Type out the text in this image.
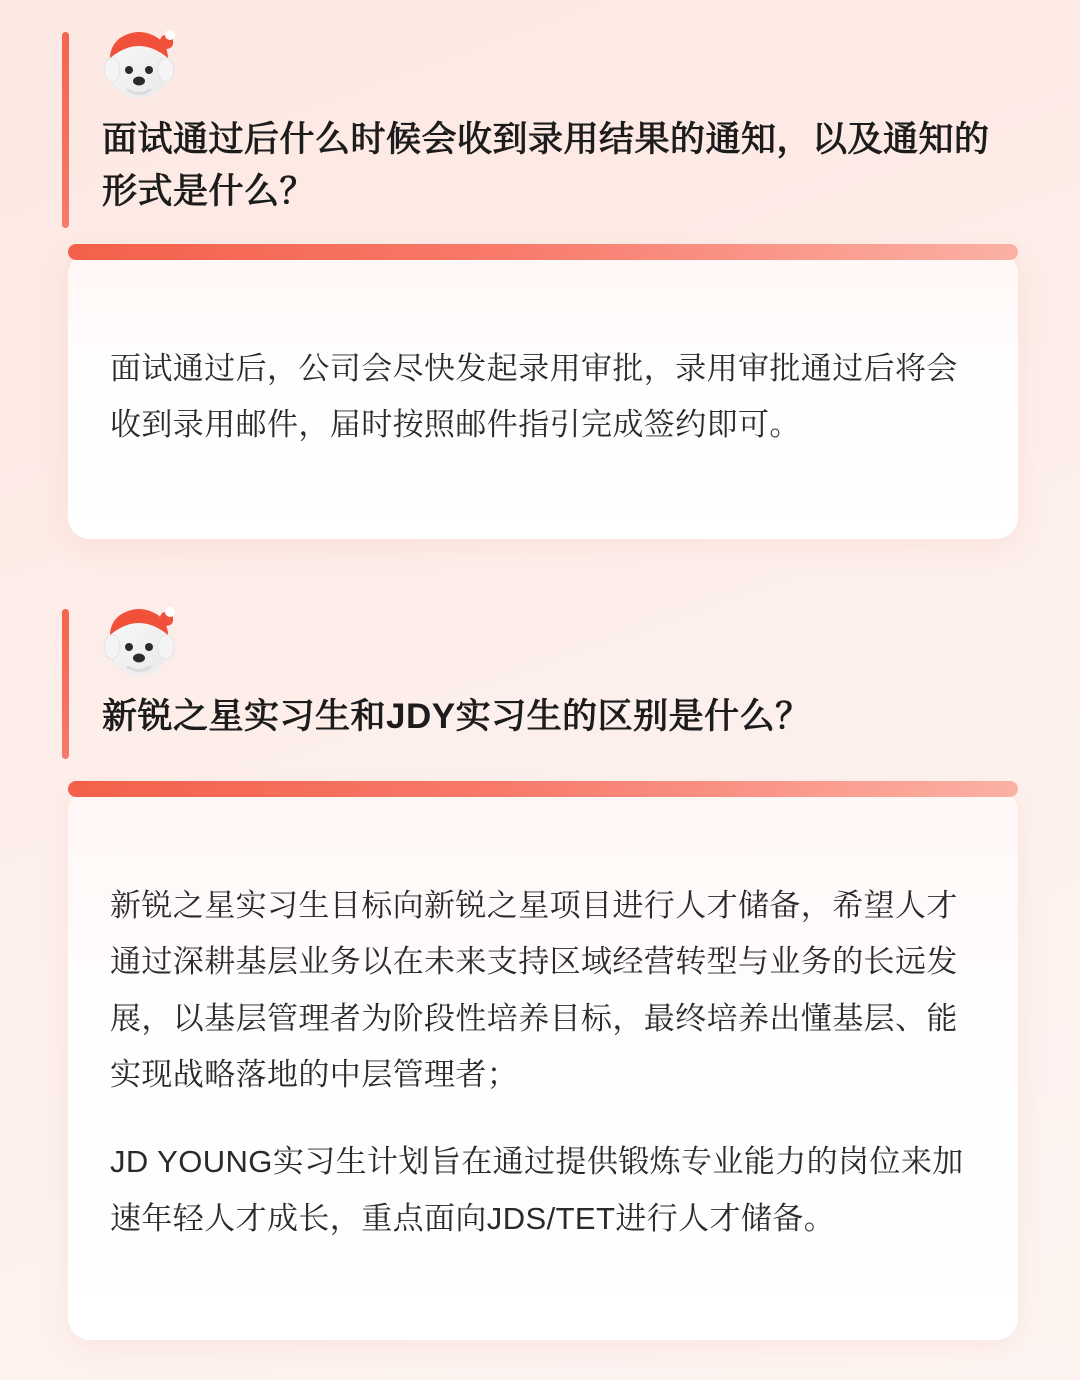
面试通过后什么时候会收到录用结果的通知，以及通知的形式是什么？

面试通过后，公司会尽快发起录用审批，录用审批通过后将会收到录用邮件，届时按照邮件指引完成签约即可。

新锐之星实习生和JDY实习生的区别是什么？

新锐之星实习生目标向新锐之星项目进行人才储备，希望人才通过深耕基层业务以在未来支持区域经营转型与业务的长远发展，以基层管理者为阶段性培养目标，最终培养出懂基层、能实现战略落地的中层管理者；

JD YOUNG实习生计划旨在通过提供锻炼专业能力的岗位来加速年轻人才成长，重点面向JDS/TET进行人才储备。
